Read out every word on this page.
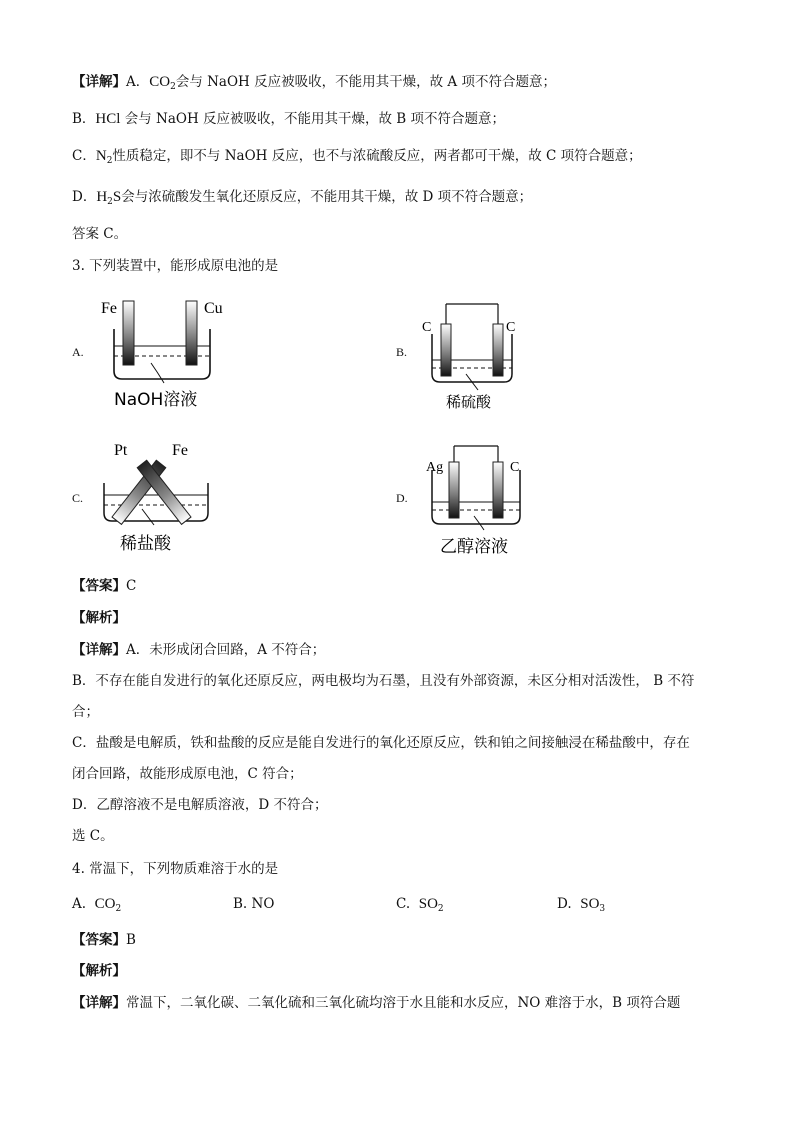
【详解】A．$CO_2$会与 NaOH 反应被吸收，不能用其干燥，故 A 项不符合题意；
B．HCl 会与 NaOH 反应被吸收，不能用其干燥，故 B 项不符合题意；
C．$N_2$性质稳定，即不与 NaOH 反应，也不与浓硫酸反应，两者都可干燥，故 C 项符合题意；
D．$H_2S$会与浓硫酸发生氧化还原反应，不能用其干燥，故 D 项不符合题意；
答案 C。
3. 下列装置中，能形成原电池的是
A.
Fe	Cu
NaOH溶液
B.
C	C
稀硫酸
C.
Pt	Fe
稀盐酸
D.
Ag	C
乙醇溶液
【答案】C
【解析】
【详解】A．未形成闭合回路，A 不符合；
B．不存在能自发进行的氧化还原反应，两电极均为石墨，且没有外部资源，未区分相对活泼性， B 不符
合；
C．盐酸是电解质，铁和盐酸的反应是能自发进行的氧化还原反应，铁和铂之间接触浸在稀盐酸中，存在
闭合回路，故能形成原电池，C 符合；
D．乙醇溶液不是电解质溶液，D 不符合；
选 C。
4. 常温下，下列物质难溶于水的是
A. $CO_2$	B. NO	C. $SO_2$	D. $SO_3$
【答案】B
【解析】
【详解】常温下，二氧化碳、二氧化硫和三氧化硫均溶于水且能和水反应，NO 难溶于水，B 项符合题
